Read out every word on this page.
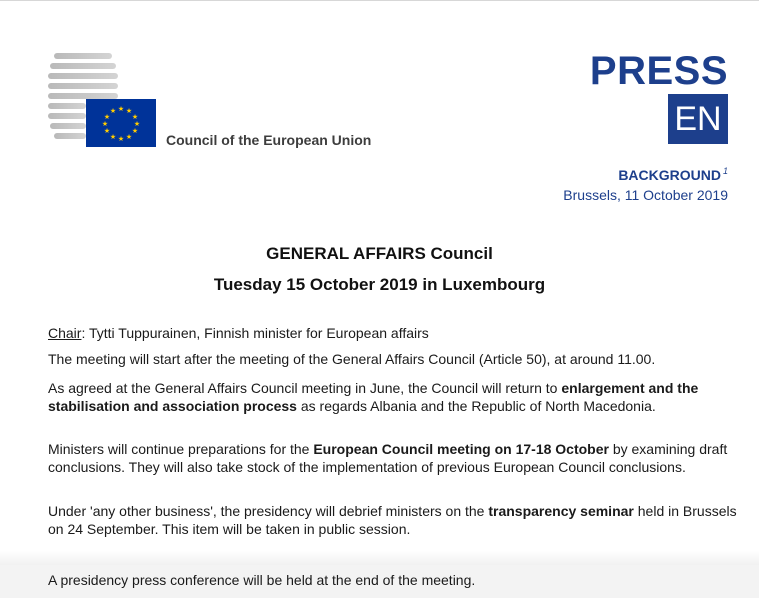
★ ★
★
★
★
★
★
★
★
★
★
★
Council of the European Union
PRESS
EN
BACKGROUND $^1$
Brussels, 11 October 2019
GENERAL AFFAIRS Council
Tuesday 15 October 2019 in Luxembourg
Chair: Tytti Tuppurainen, Finnish minister for European affairs
The meeting will start after the meeting of the General Affairs Council (Article 50), at around 11.00.
As agreed at the General Affairs Council meeting in June, the Council will return to enlargement and the stabilisation and association process as regards Albania and the Republic of North Macedonia.
Ministers will continue preparations for the European Council meeting on 17-18 October by examining draft conclusions. They will also take stock of the implementation of previous European Council conclusions.
Under 'any other business', the presidency will debrief ministers on the transparency seminar held in Brussels on 24 September. This item will be taken in public session.
A presidency press conference will be held at the end of the meeting.
